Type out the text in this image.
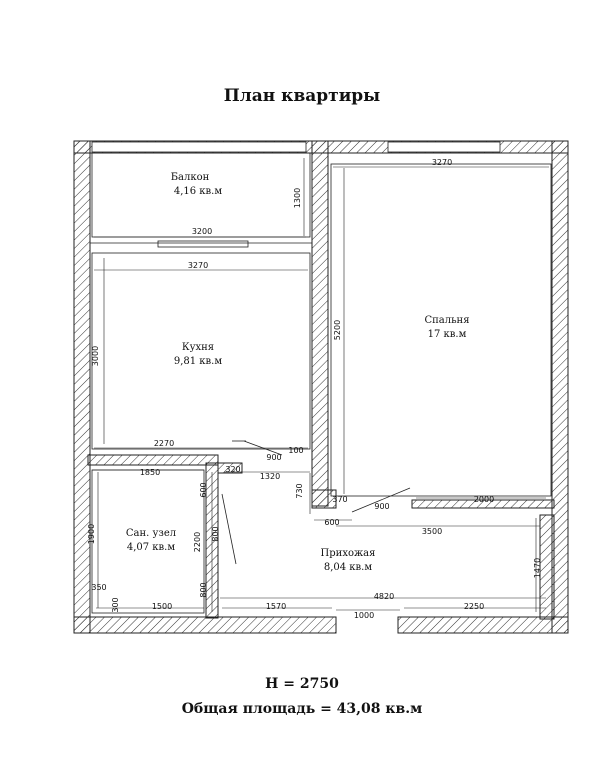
План квартиры
Балкон
4,16 кв.м
Кухня
9,81 кв.м
Спальня
17 кв.м
Сан. узел
4,07 кв.м
Прихожая
8,04 кв.м
3200
1300
3270
3000
2270
900
100
3270
5200
2000
370
900
1850
1900	2200
1500
800
600
350
300
800
320
1320
730
600
3500
1470
4820
1570	2250
1000
H = 2750
Общая площадь = 43,08 кв.м
